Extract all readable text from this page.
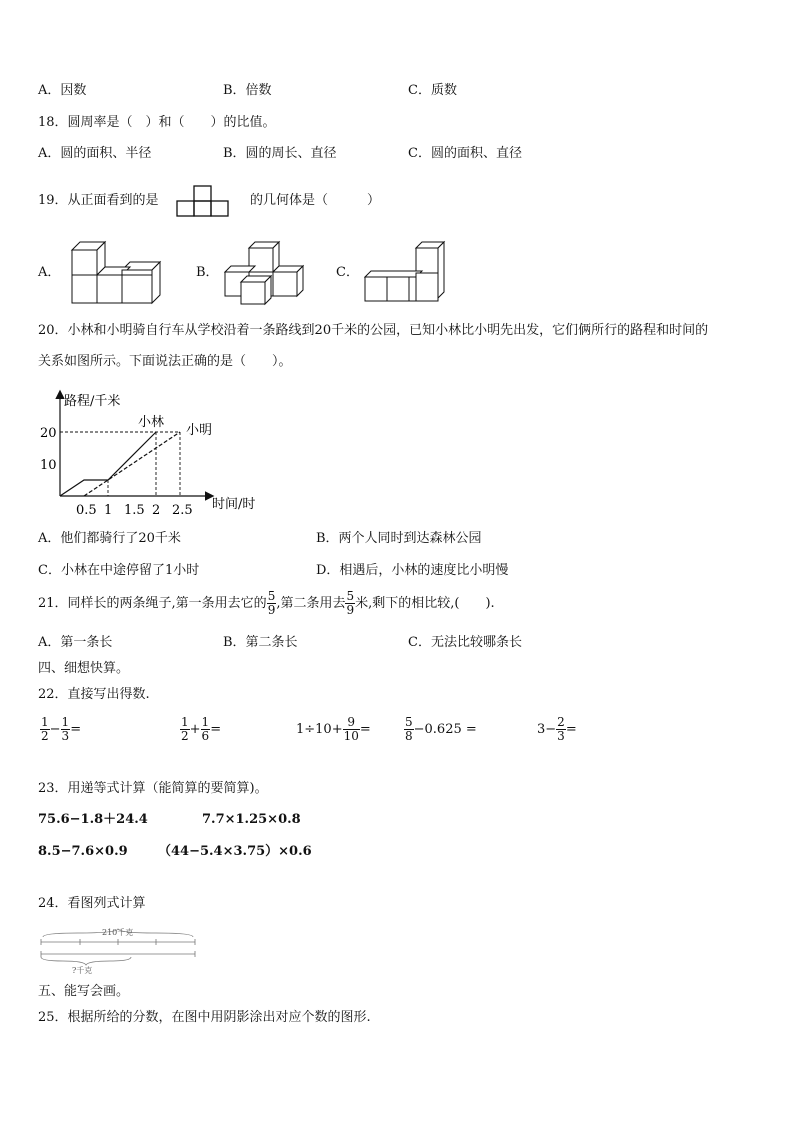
A．因数	B．倍数	C．质数
18．圆周率是（　）和（　　）的比值。
A．圆的面积、半径	B．圆的周长、直径	C．圆的面积、直径
19．从正面看到的是	的几何体是（　　　）
A．	B．	C．
20．小林和小明骑自行车从学校沿着一条路线到20千米的公园，已知小林比小明先出发，它们俩所行的路程和时间的
关系如图所示。下面说法正确的是（　　）。
路程/千米
时间/时
10
20
0.5 1 1.5 2 2.5
小林
小明
A．他们都骑行了20千米	B．两个人同时到达森林公园
C．小林在中途停留了1小时	D．相遇后，小林的速度比小明慢
21．同样长的两条绳子,第一条用去它的 $\frac{5}{9}$ ,第二条用去 $\frac{5}{9}$ 米,剩下的相比较,(　　).
A．第一条长	B．第二条长	C．无法比较哪条长
四、细想快算。
22．直接写出得数.
$\frac{1}{2} - \frac{1}{3}$ =	$\frac{1}{2} + \frac{1}{6}$ =	$1\div 10+ \frac{9}{10}$ =	$\frac{5}{8} -0.625$ =	$3- \frac{2}{3}$ =
23．用递等式计算（能简算的要简算)。
75.6−1.8＋24.4	7.7×1.25×0.8
8.5−7.6×0.9 （44−5.4×3.75）×0.6
24．看图列式计算
210千克
?千克
五、能写会画。
25．根据所给的分数，在图中用阴影涂出对应个数的图形.
